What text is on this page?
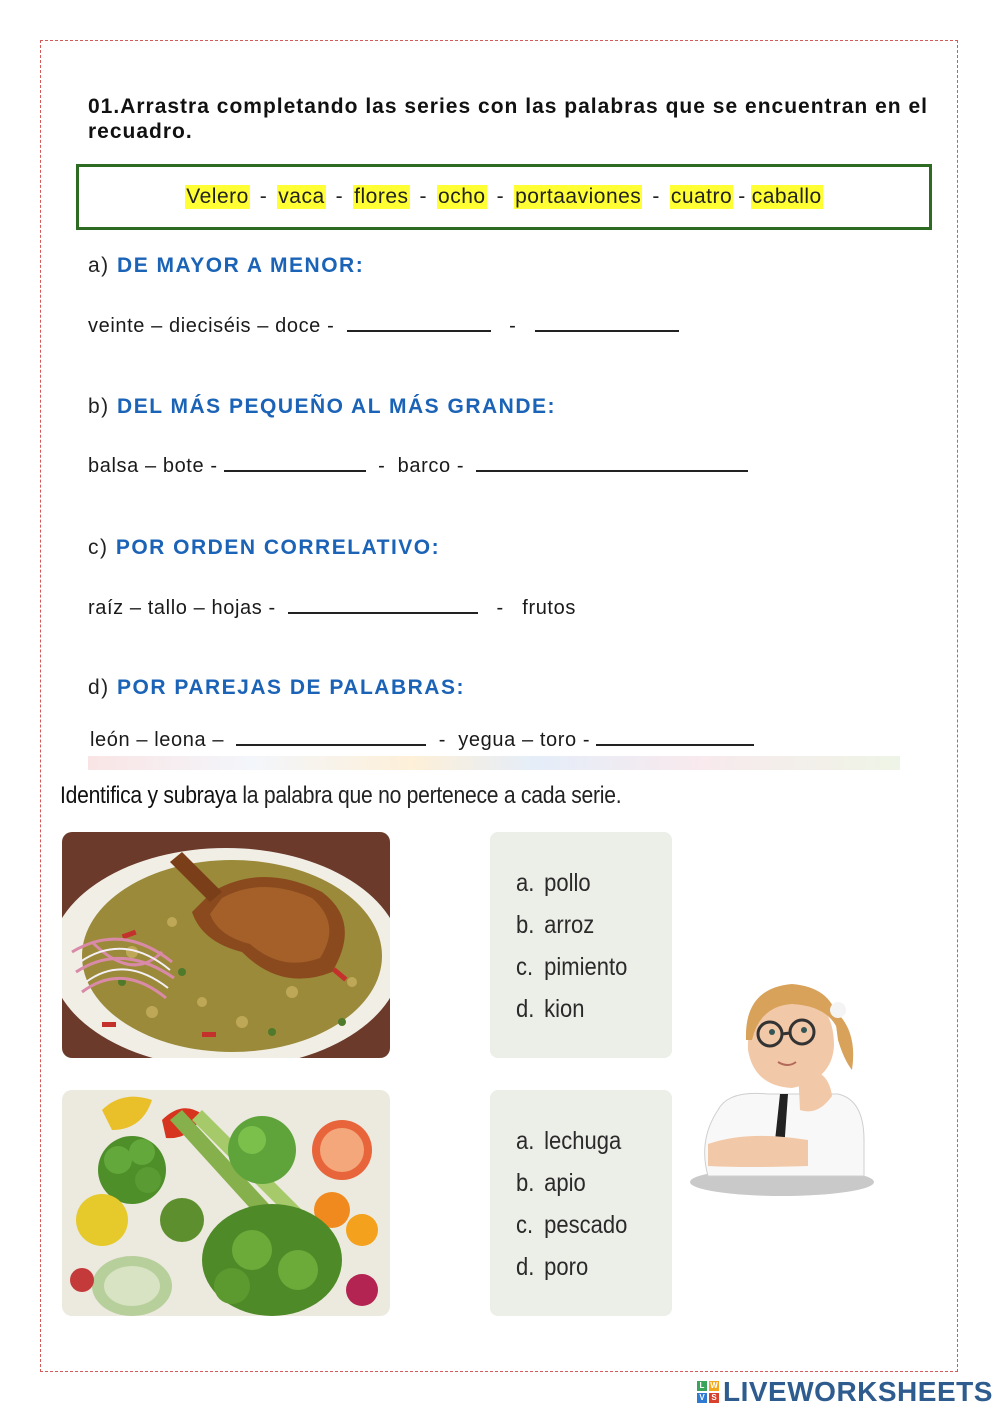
01.Arrastra completando las series con las palabras que se encuentran en el recuadro.
Velero - vaca - flores - ocho - portaaviones - cuatro - caballo
a) DE MAYOR A MENOR:
veinte – dieciséis – doce -	-
b) DEL MÁS PEQUEÑO AL MÁS GRANDE:
balsa – bote -	-  barco -
c) POR ORDEN CORRELATIVO:
raíz – tallo – hojas -	- frutos
d) POR PAREJAS DE PALABRAS:
león – leona –	-  yegua – toro -
Identifica y subraya la palabra que no pertenece a cada serie.
a. pollo
b. arroz
c. pimiento
d. kion
a. lechuga
b. apio
c. pescado
d. poro
L W
V S LIVEWORKSHEETS
